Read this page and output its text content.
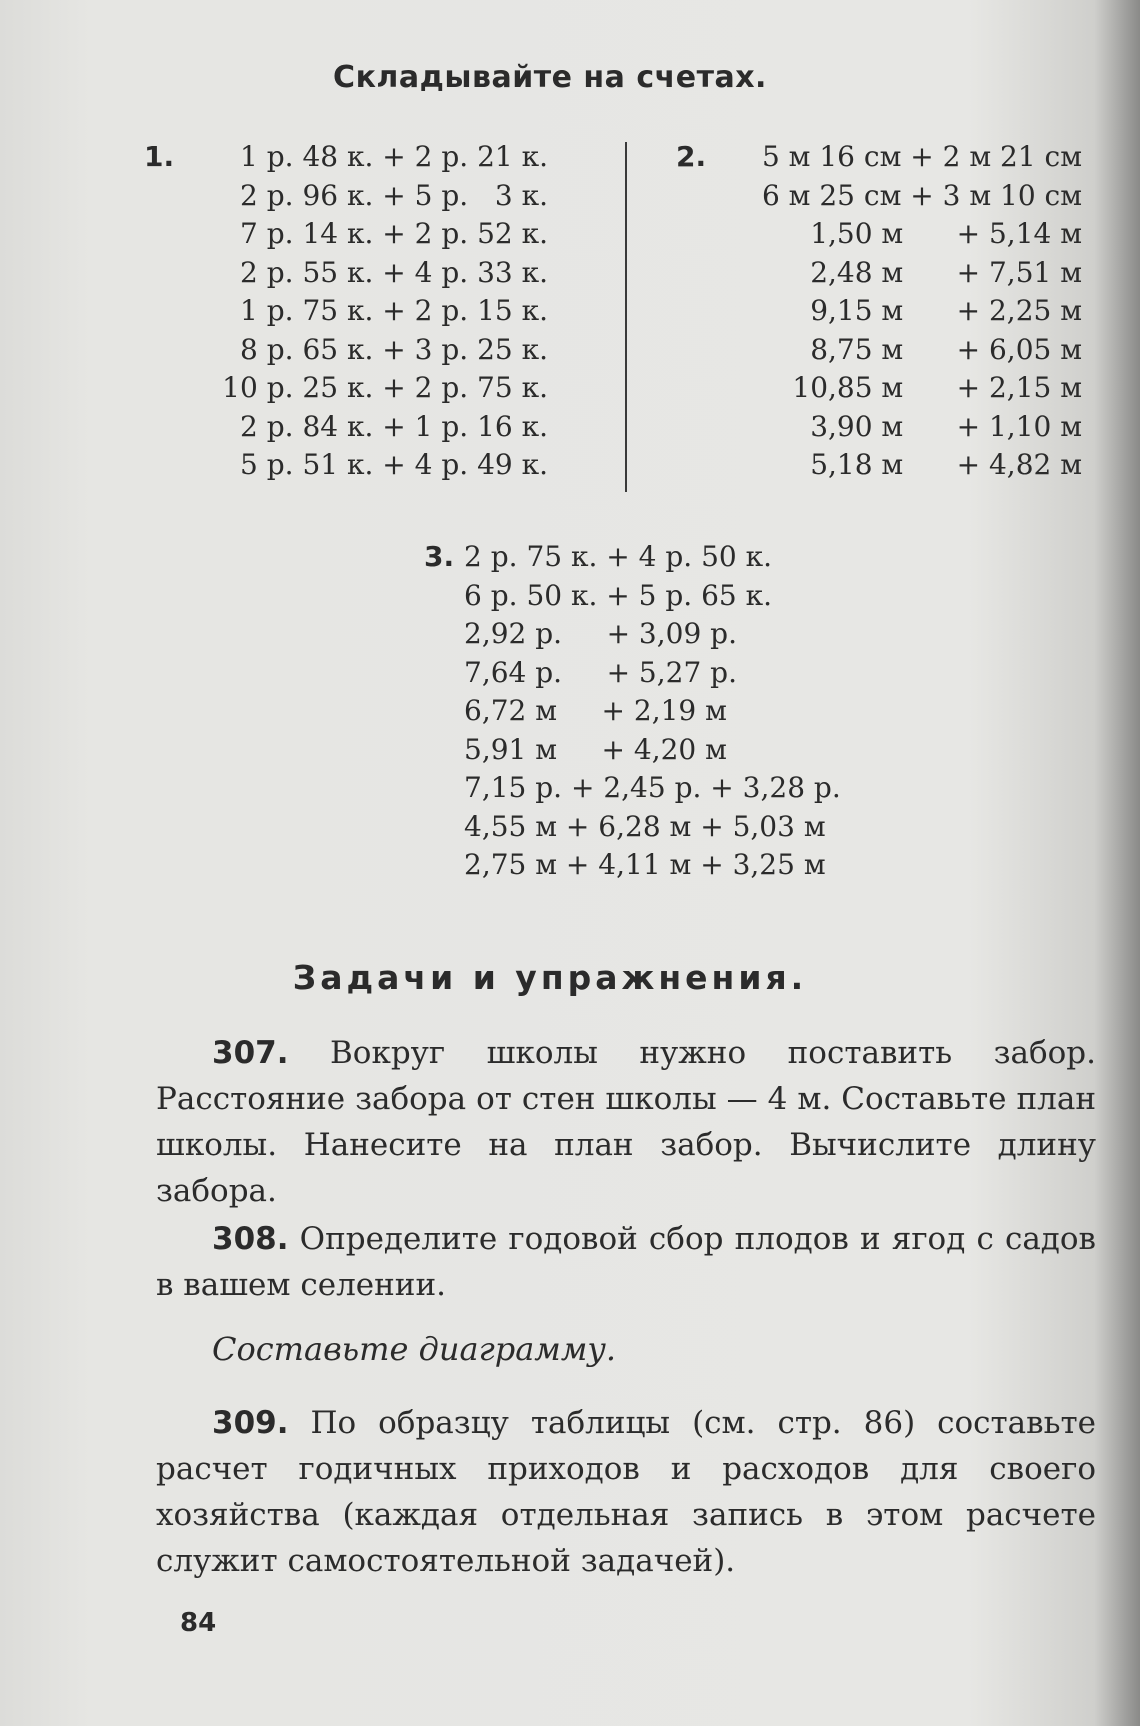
Складывайте на счетах.
1.	1 р. 48 к. + 2 р. 21 к.
2 р. 96 к. + 5 р.   3 к.
7 р. 14 к. + 2 р. 52 к.
2 р. 55 к. + 4 р. 33 к.
1 р. 75 к. + 2 р. 15 к.
8 р. 65 к. + 3 р. 25 к.
10 р. 25 к. + 2 р. 75 к.
2 р. 84 к. + 1 р. 16 к.
5 р. 51 к. + 4 р. 49 к.
2.	5 м 16 см + 2 м 21 см
6 м 25 см + 3 м 10 см
1,50 м      + 5,14 м
2,48 м      + 7,51 м
9,15 м      + 2,25 м
8,75 м      + 6,05 м
10,85 м      + 2,15 м
3,90 м      + 1,10 м
5,18 м      + 4,82 м
3. 2 р. 75 к. + 4 р. 50 к.
6 р. 50 к. + 5 р. 65 к.
2,92 р.     + 3,09 р.
7,64 р.     + 5,27 р.
6,72 м     + 2,19 м
5,91 м     + 4,20 м
7,15 р. + 2,45 р. + 3,28 р.
4,55 м + 6,28 м + 5,03 м
2,75 м + 4,11 м + 3,25 м
Задачи и упражнения.
307. Вокруг школы нужно поставить забор. Расстояние забора от стен школы — 4 м. Составьте план школы. Нанесите на план забор. Вычислите длину забора.
308. Определите годовой сбор плодов и ягод с садов в вашем селении.
Составьте диаграмму.
309. По образцу таблицы (см. стр. 86) составьте расчет годичных приходов и расходов для своего хозяйства (каждая отдельная запись в этом расчете служит самостоятельной задачей).
84
